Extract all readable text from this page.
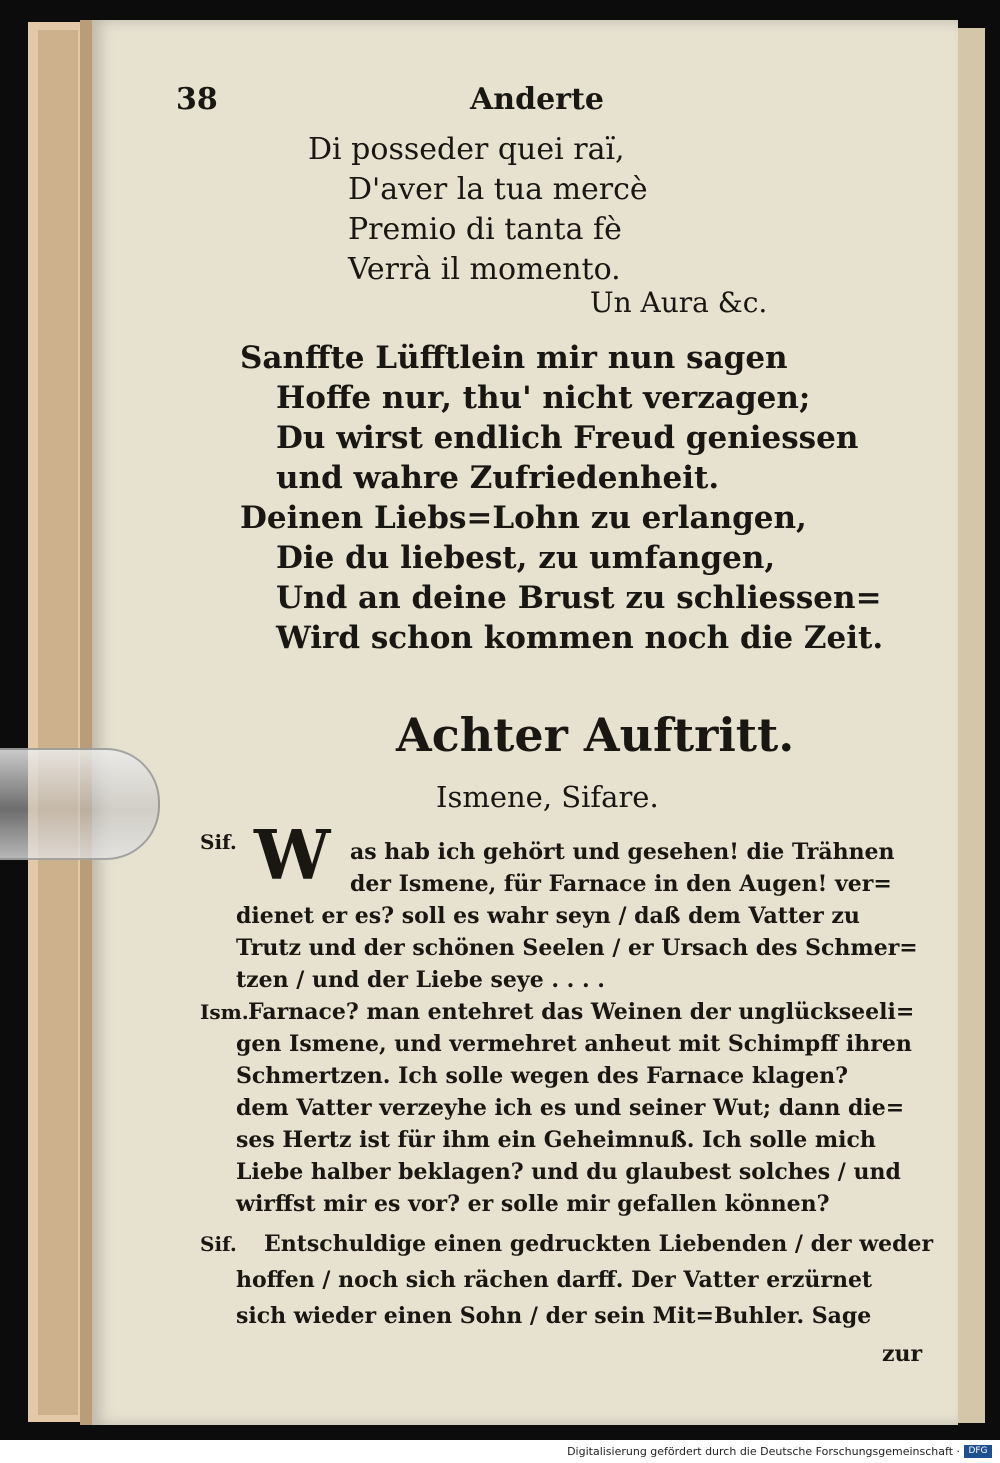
38	Anderte
Di posseder quei raï,
D'aver la tua mercè
Premio di tanta fè
Verrà il momento.
Un Aura &c.
Sanffte Lüfftlein mir nun sagen
Hoffe nur, thu' nicht verzagen;
Du wirst endlich Freud geniessen
und wahre Zufriedenheit.
Deinen Liebs=Lohn zu erlangen,
Die du liebest, zu umfangen,
Und an deine Brust zu schliessen=
Wird schon kommen noch die Zeit.
Achter Auftritt.
Ismene, Sifare.
Sif. W as hab ich gehört und gesehen! die Trähnen
der Ismene, für Farnace in den Augen! ver=
dienet er es? soll es wahr seyn / daß dem Vatter zu
Trutz und der schönen Seelen / er Ursach des Schmer=
tzen / und der Liebe seye . . . .
Ism. Farnace? man entehret das Weinen der unglückseeli=
gen Ismene, und vermehret anheut mit Schimpff ihren
Schmertzen. Ich solle wegen des Farnace klagen?
dem Vatter verzeyhe ich es und seiner Wut; dann die=
ses Hertz ist für ihm ein Geheimnuß. Ich solle mich
Liebe halber beklagen? und du glaubest solches / und
wirffst mir es vor? er solle mir gefallen können?
Sif. Entschuldige einen gedruckten Liebenden / der weder
hoffen / noch sich rächen darff. Der Vatter erzürnet
sich wieder einen Sohn / der sein Mit=Buhler. Sage
zur
Digitalisierung gefördert durch die Deutsche Forschungsgemeinschaft · DFG
